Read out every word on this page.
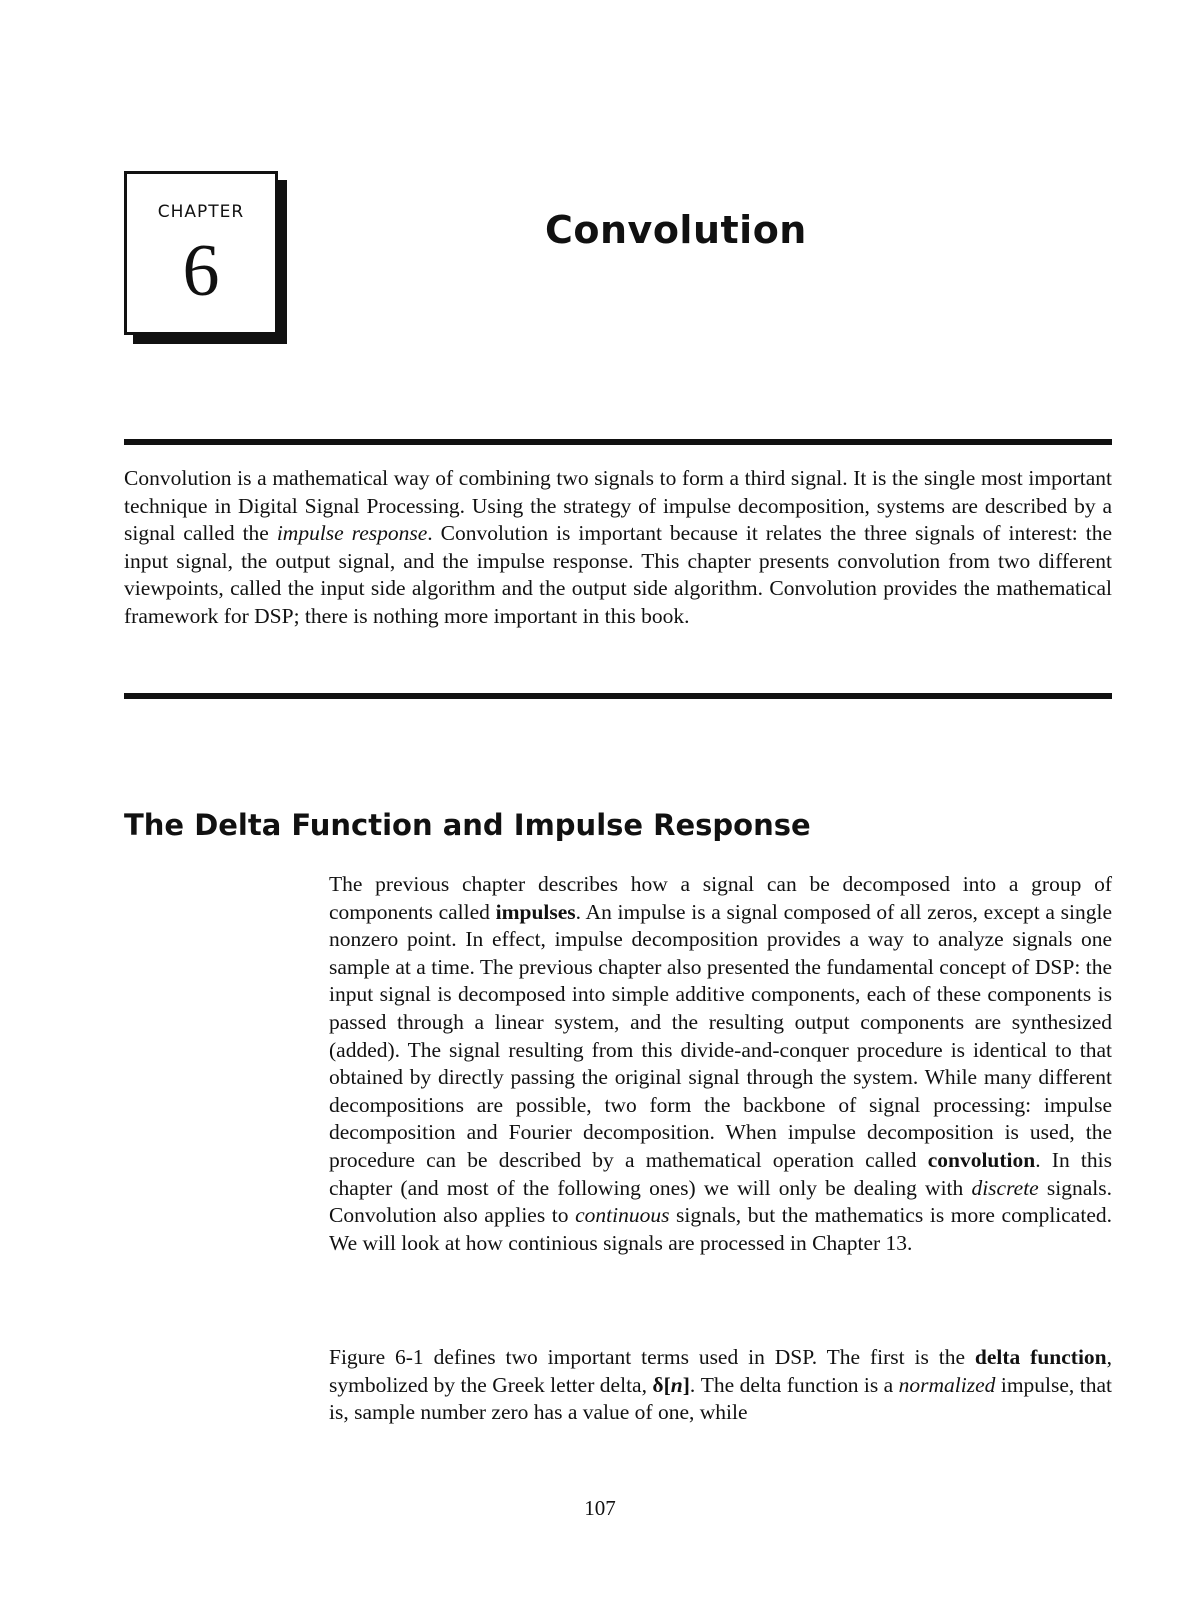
CHAPTER
6	Convolution

Convolution is a mathematical way of combining two signals to form a third signal. It is the single most important technique in Digital Signal Processing. Using the strategy of impulse decomposition, systems are described by a signal called the impulse response. Convolution is important because it relates the three signals of interest: the input signal, the output signal, and the impulse response. This chapter presents convolution from two different viewpoints, called the input side algorithm and the output side algorithm. Convolution provides the mathematical framework for DSP; there is nothing more important in this book.

The Delta Function and Impulse Response

The previous chapter describes how a signal can be decomposed into a group of components called impulses. An impulse is a signal composed of all zeros, except a single nonzero point. In effect, impulse decomposition provides a way to analyze signals one sample at a time. The previous chapter also presented the fundamental concept of DSP: the input signal is decomposed into simple additive components, each of these components is passed through a linear system, and the resulting output components are synthesized (added). The signal resulting from this divide-and-conquer procedure is identical to that obtained by directly passing the original signal through the system. While many different decompositions are possible, two form the backbone of signal processing: impulse decomposition and Fourier decomposition. When impulse decomposition is used, the procedure can be described by a mathematical operation called convolution. In this chapter (and most of the following ones) we will only be dealing with discrete signals. Convolution also applies to continuous signals, but the mathematics is more complicated. We will look at how continious signals are processed in Chapter 13.

Figure 6-1 defines two important terms used in DSP. The first is the delta function, symbolized by the Greek letter delta, δ[n]. The delta function is a normalized impulse, that is, sample number zero has a value of one, while

107
